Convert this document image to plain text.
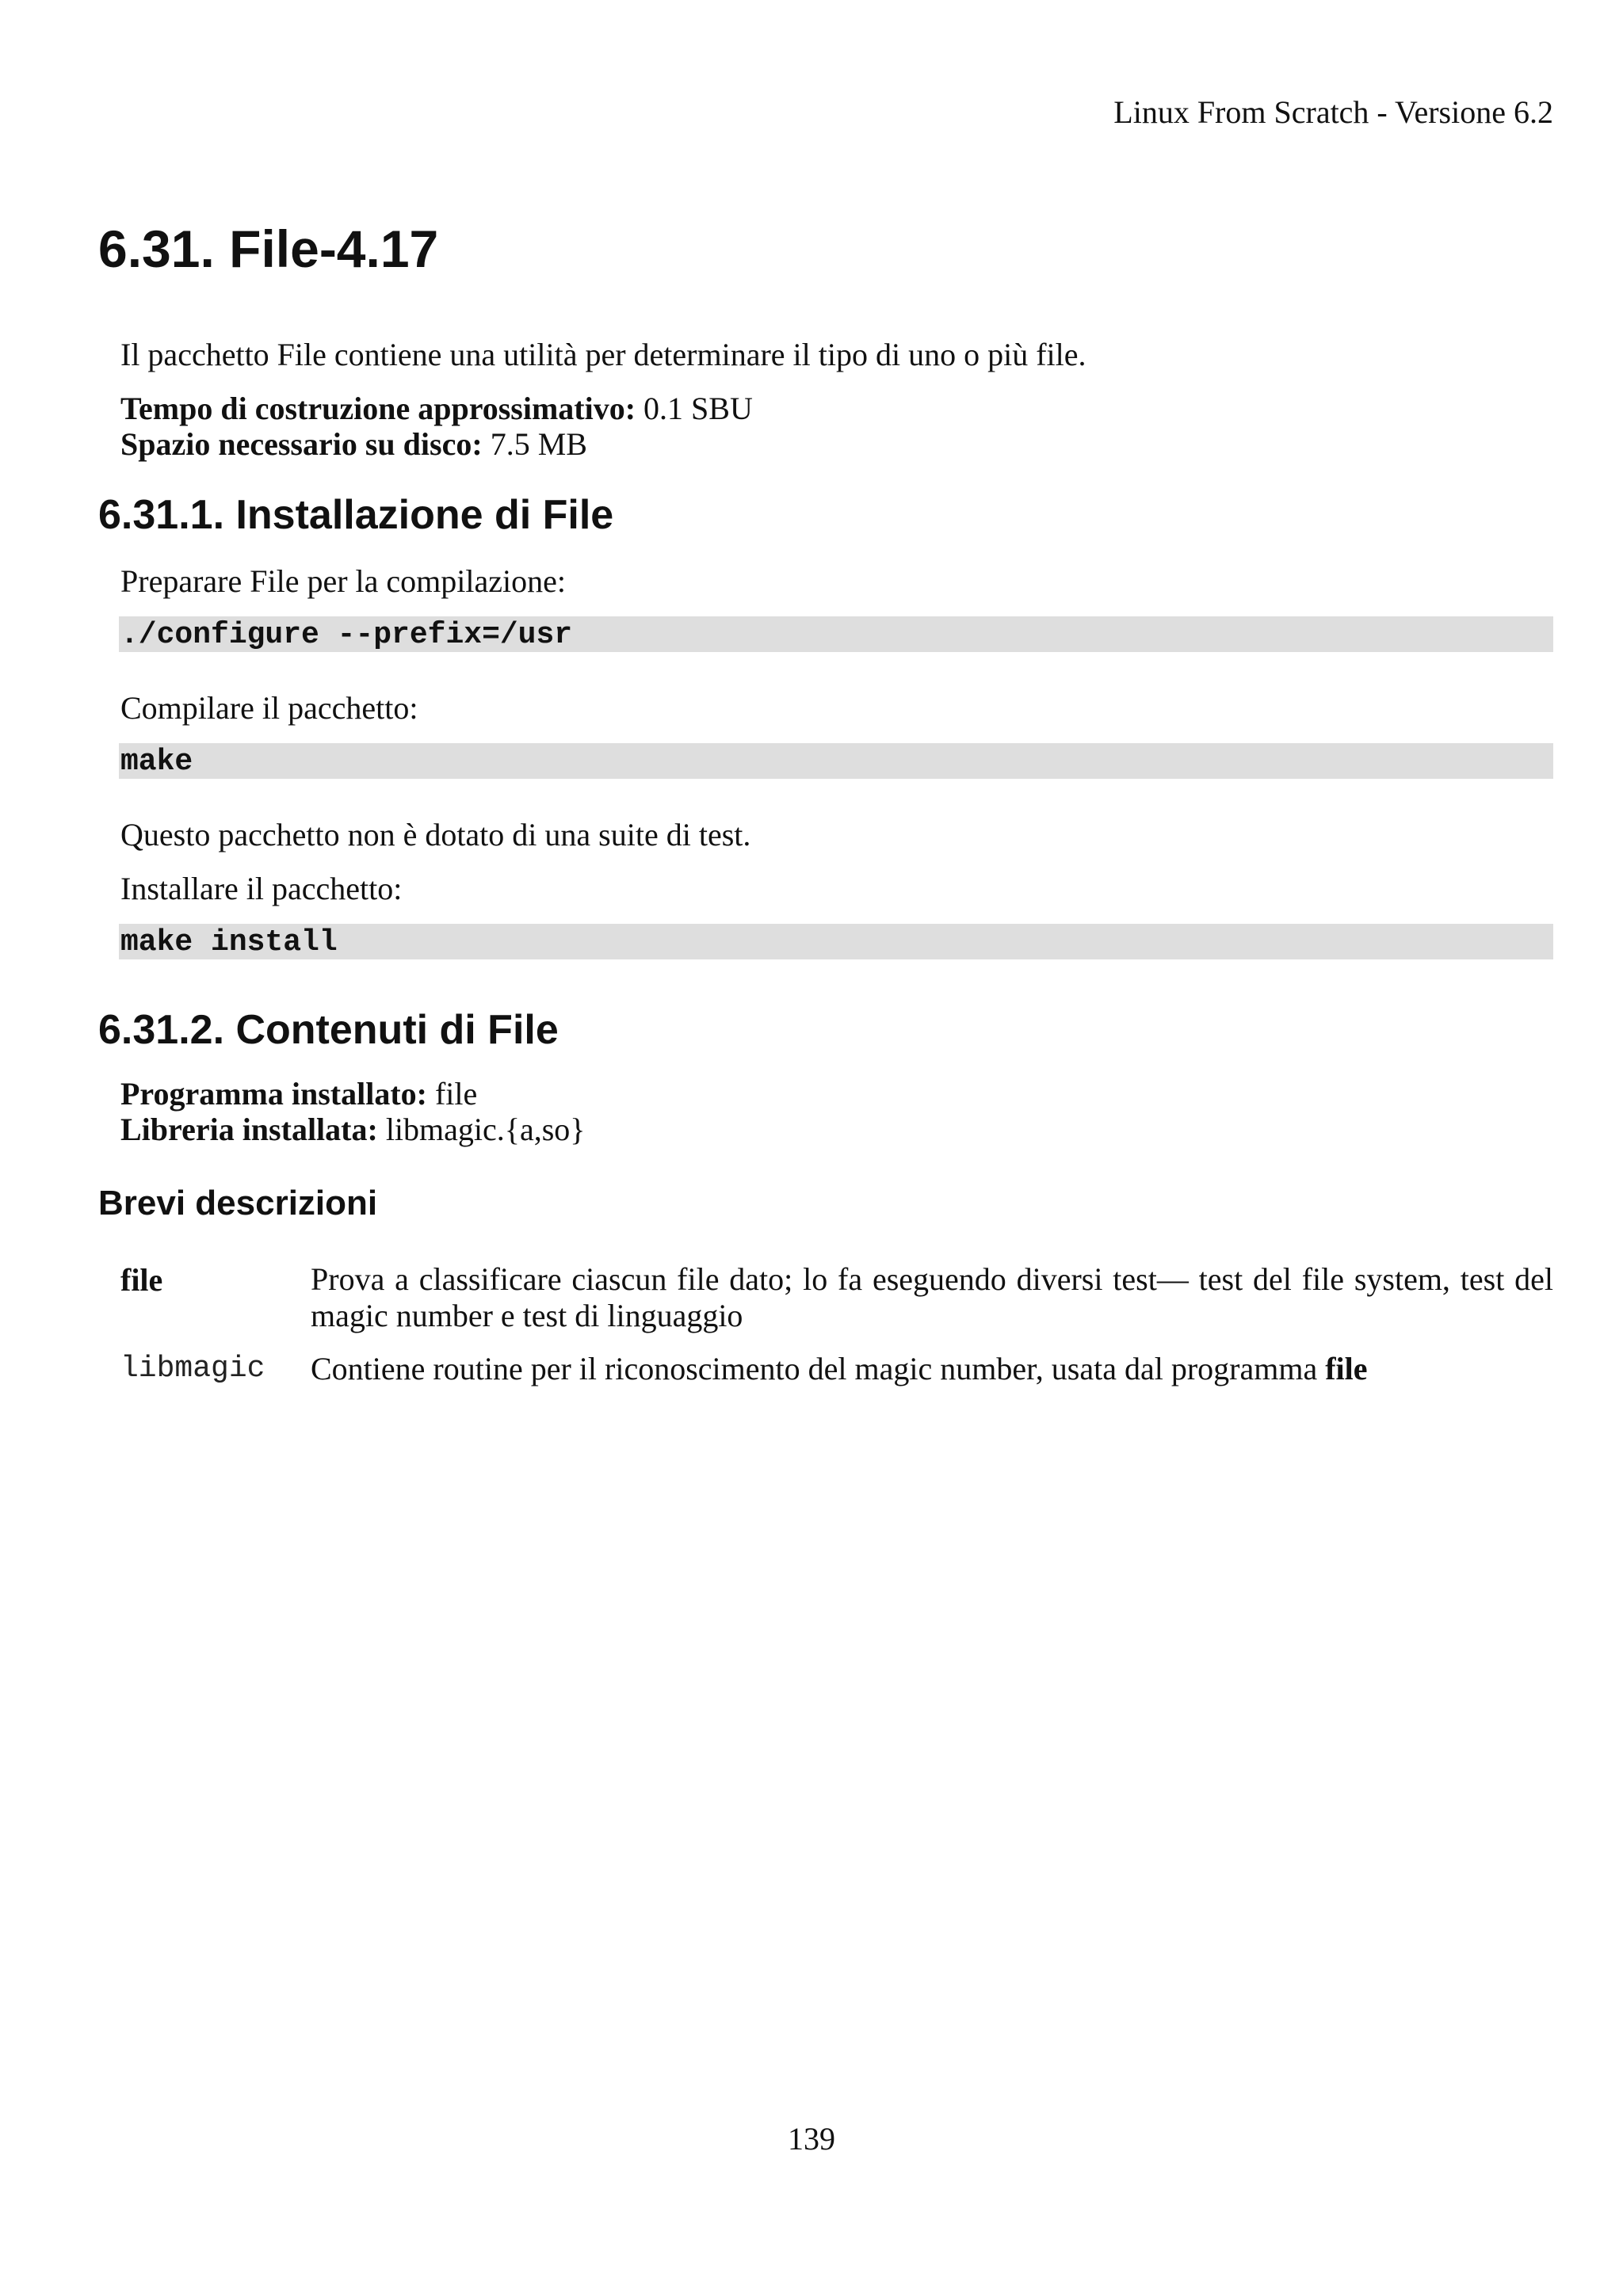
Linux From Scratch - Versione 6.2
6.31. File-4.17
Il pacchetto File contiene una utilità per determinare il tipo di uno o più file.
Tempo di costruzione approssimativo: 0.1 SBU
Spazio necessario su disco: 7.5 MB
6.31.1. Installazione di File
Preparare File per la compilazione:
./configure --prefix=/usr
Compilare il pacchetto:
make
Questo pacchetto non è dotato di una suite di test.
Installare il pacchetto:
make install
6.31.2. Contenuti di File
Programma installato: file
Libreria installata: libmagic.{a,so}
Brevi descrizioni
file	Prova a classificare ciascun file dato; lo fa eseguendo diversi test— test del file system, test del magic number e test di linguaggio
libmagic Contiene routine per il riconoscimento del magic number, usata dal programma file
139
